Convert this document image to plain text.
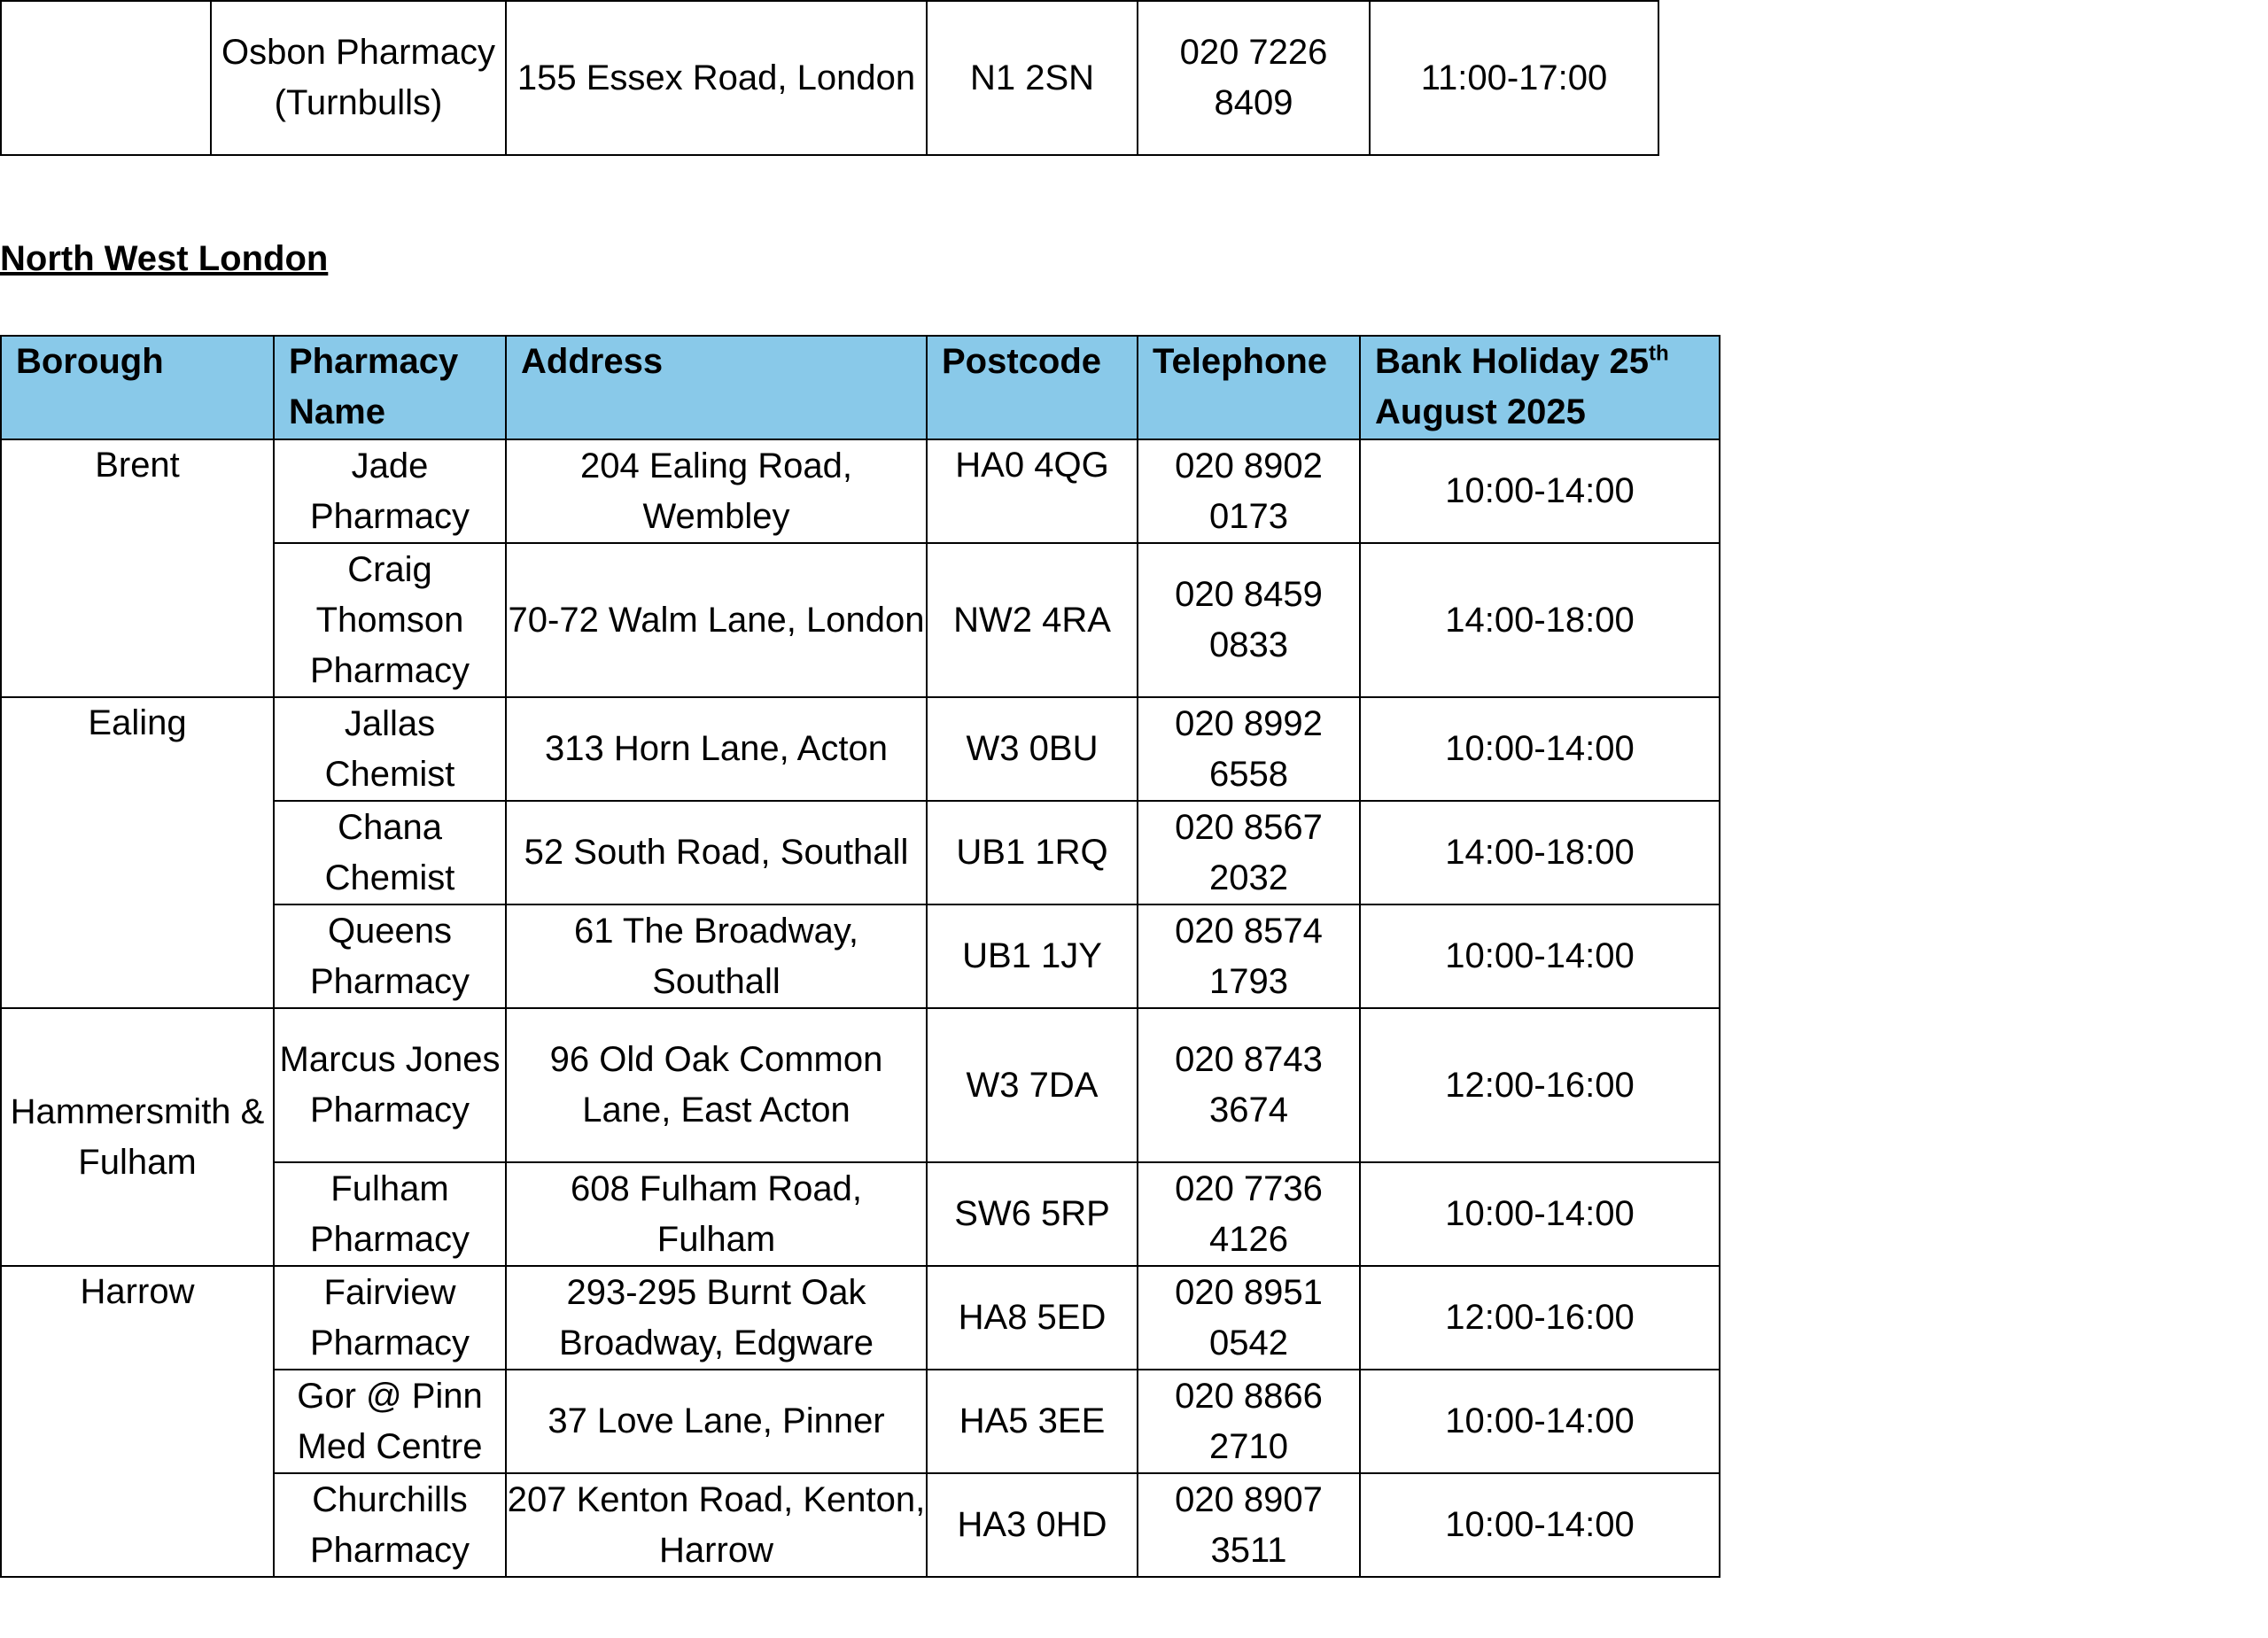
	Osbon Pharmacy (Turnbulls)	155 Essex Road, London	N1 2SN	020 7226 8409	11:00-17:00
North West London
Borough	Pharmacy Name	Address	Postcode	Telephone	Bank Holiday 25th August 2025
Brent	Jade Pharmacy	204 Ealing Road, Wembley	HA0 4QG	020 8902 0173	10:00-14:00
	Craig Thomson Pharmacy	70-72 Walm Lane, London	NW2 4RA	020 8459 0833	14:00-18:00
Ealing	Jallas Chemist	313 Horn Lane, Acton	W3 0BU	020 8992 6558	10:00-14:00
	Chana Chemist	52 South Road, Southall	UB1 1RQ	020 8567 2032	14:00-18:00
	Queens Pharmacy	61 The Broadway, Southall	UB1 1JY	020 8574 1793	10:00-14:00
Hammersmith & Fulham	Marcus Jones Pharmacy	96 Old Oak Common Lane, East Acton	W3 7DA	020 8743 3674	12:00-16:00
	Fulham Pharmacy	608 Fulham Road, Fulham	SW6 5RP	020 7736 4126	10:00-14:00
Harrow	Fairview Pharmacy	293-295 Burnt Oak Broadway, Edgware	HA8 5ED	020 8951 0542	12:00-16:00
	Gor @ Pinn Med Centre	37 Love Lane, Pinner	HA5 3EE	020 8866 2710	10:00-14:00
	Churchills Pharmacy	207 Kenton Road, Kenton, Harrow	HA3 0HD	020 8907 3511	10:00-14:00
